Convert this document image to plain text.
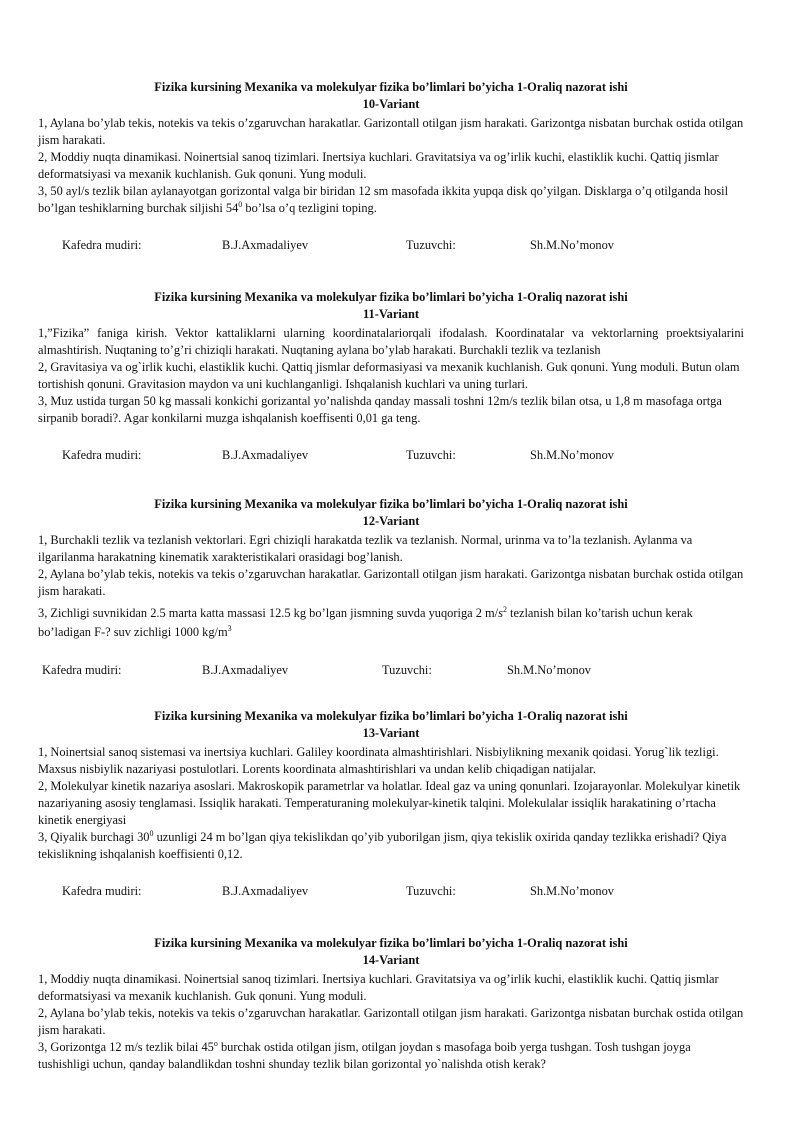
Fizika kursining Mexanika va molekulyar fizika bo’limlari bo’yicha 1-Oraliq nazorat ishi

10-Variant

1, Aylana bo’ylab tekis, notekis va tekis o’zgaruvchan harakatlar. Garizontall otilgan jism harakati. Garizontga nisbatan burchak ostida otilgan jism harakati.

2, Moddiy nuqta dinamikasi. Noinertsial sanoq tizimlari. Inertsiya kuchlari. Gravitatsiya va og’irlik kuchi, elastiklik kuchi. Qattiq jismlar deformatsiyasi va mexanik kuchlanish. Guk qonuni. Yung moduli.

3, 50 ayl/s tezlik bilan aylanayotgan gorizontal valga bir biridan 12 sm masofada ikkita yupqa disk qo’yilgan. Disklarga o’q otilganda hosil bo’lgan teshiklarning burchak siljishi $54^0$ bo’lsa o’q tezligini toping.

Kafedra mudiri:	B.J.Axmadaliyev	Tuzuvchi:	Sh.M.No’monov

Fizika kursining Mexanika va molekulyar fizika bo’limlari bo’yicha 1-Oraliq nazorat ishi

11-Variant

1,”Fizika” faniga kirish. Vektor kattaliklarni ularning koordinatalariorqali ifodalash. Koordinatalar va vektorlarning proektsiyalarini almashtirish. Nuqtaning to’g’ri chiziqli harakati. Nuqtaning aylana bo’ylab harakati. Burchakli tezlik va tezlanish

2, Gravitasiya va og`irlik kuchi, elastiklik kuchi. Qattiq jismlar deformasiyasi va mexanik kuchlanish. Guk qonuni. Yung moduli. Butun olam tortishish qonuni. Gravitasion maydon va uni kuchlanganligi. Ishqalanish kuchlari va uning turlari.

3, Muz ustida turgan 50 kg massali konkichi gorizantal yo’nalishda qanday massali toshni 12m/s tezlik bilan otsa, u 1,8 m masofaga ortga sirpanib boradi?. Agar konkilarni muzga ishqalanish koeffisenti 0,01 ga teng.

Kafedra mudiri:	B.J.Axmadaliyev	Tuzuvchi:	Sh.M.No’monov

Fizika kursining Mexanika va molekulyar fizika bo’limlari bo’yicha 1-Oraliq nazorat ishi

12-Variant

1, Burchakli tezlik va tezlanish vektorlari. Egri chiziqli harakatda tezlik va tezlanish. Normal, urinma va to’la tezlanish. Aylanma va ilgarilanma harakatning kinematik xarakteristikalari orasidagi bog’lanish.

2, Aylana bo’ylab tekis, notekis va tekis o’zgaruvchan harakatlar. Garizontall otilgan jism harakati. Garizontga nisbatan burchak ostida otilgan jism harakati.

3, Zichligi suvnikidan 2.5 marta katta massasi 12.5 kg bo’lgan jismning suvda yuqoriga 2 $m/s^2$ tezlanish bilan ko’tarish uchun kerak bo’ladigan F-? suv zichligi 1000 $kg/m^3$

Kafedra mudiri:	B.J.Axmadaliyev	Tuzuvchi:	Sh.M.No’monov

Fizika kursining Mexanika va molekulyar fizika bo’limlari bo’yicha 1-Oraliq nazorat ishi

13-Variant

1, Noinertsial sanoq sistemasi va inertsiya kuchlari. Galiley koordinata almashtirishlari. Nisbiylikning mexanik qoidasi. Yorug`lik tezligi. Maxsus nisbiylik nazariyasi postulotlari. Lorents koordinata almashtirishlari va undan kelib chiqadigan natijalar.

2, Molekulyar kinetik nazariya asoslari. Makroskopik parametrlar va holatlar. Ideal gaz va uning qonunlari. Izojarayonlar. Molekulyar kinetik nazariyaning asosiy tenglamasi. Issiqlik harakati. Temperaturaning molekulyar-kinetik talqini. Molekulalar issiqlik harakatining o’rtacha kinetik energiyasi

3, Qiyalik burchagi $30^0$ uzunligi 24 m bo’lgan qiya tekislikdan qo’yib yuborilgan jism, qiya tekislik oxirida qanday tezlikka erishadi? Qiya tekislikning ishqalanish koeffisienti 0,12.

Kafedra mudiri:	B.J.Axmadaliyev	Tuzuvchi:	Sh.M.No’monov

Fizika kursining Mexanika va molekulyar fizika bo’limlari bo’yicha 1-Oraliq nazorat ishi

14-Variant

1, Moddiy nuqta dinamikasi. Noinertsial sanoq tizimlari. Inertsiya kuchlari. Gravitatsiya va og’irlik kuchi, elastiklik kuchi. Qattiq jismlar deformatsiyasi va mexanik kuchlanish. Guk qonuni. Yung moduli.

2, Aylana bo’ylab tekis, notekis va tekis o’zgaruvchan harakatlar. Garizontall otilgan jism harakati. Garizontga nisbatan burchak ostida otilgan jism harakati.

3, Gorizontga 12 m/s tezlik bilai 45$^o$ burchak ostida otilgan jism, otilgan joydan s masofaga boib yerga tushgan. Tosh tushgan joyga tushishligi uchun, qanday balandlikdan toshni shunday tezlik bilan gorizontal yo`nalishda otish kerak?
